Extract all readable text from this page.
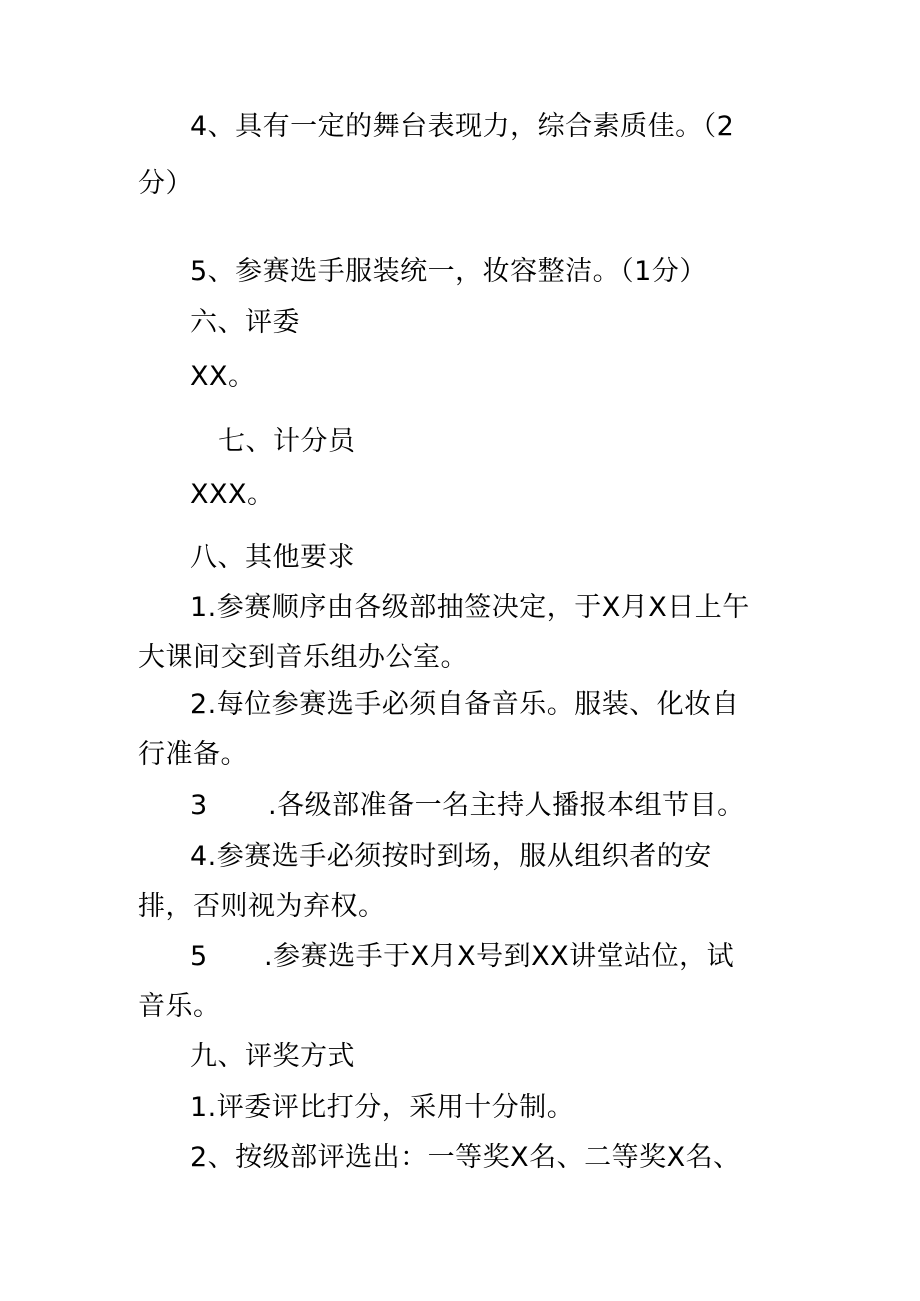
4、具有一定的舞台表现力，综合素质佳。（2

分）

5、参赛选手服装统一，妆容整洁。（1分）

六、评委

XX。

七、计分员

XXX。

八、其他要求

1.参赛顺序由各级部抽签决定，于X月X日上午

大课间交到音乐组办公室。

2.每位参赛选手必须自备音乐。服装、化妆自

行准备。

3 .各级部准备一名主持人播报本组节目。

4.参赛选手必须按时到场，服从组织者的安

排，否则视为弃权。

5 .参赛选手于X月X号到XX讲堂站位，试

音乐。

九、评奖方式

1.评委评比打分，采用十分制。

2、按级部评选出：一等奖X名、二等奖X名、
